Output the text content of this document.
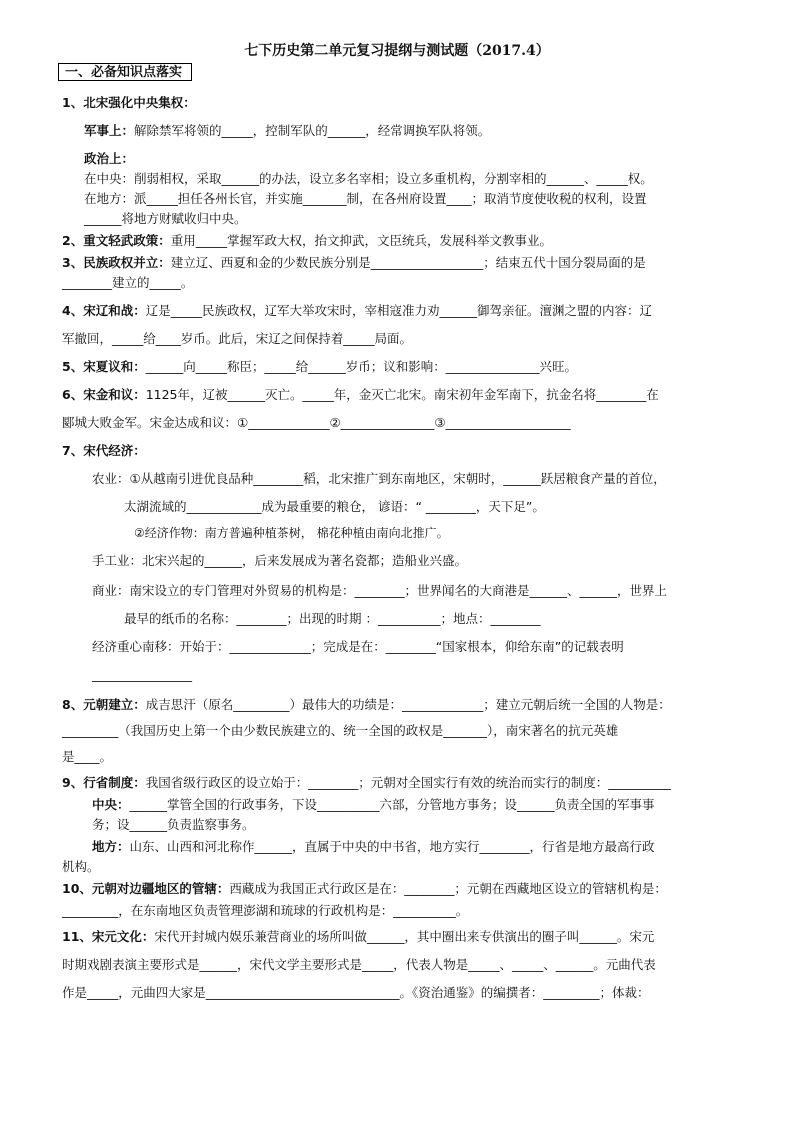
七下历史第二单元复习提纲与测试题（2017.4）
一、必备知识点落实
1、北宋强化中央集权：
军事上：解除禁军将领的_____，控制军队的______，经常调换军队将领。
政治上：
在中央：削弱相权，采取______的办法，设立多名宰相；设立多重机构，分割宰相的______、_____权。
在地方：派_____担任各州长官，并实施_______制，在各州府设置____；取消节度使收税的权利，设置
______将地方财赋收归中央。
2、重文轻武政策：重用_____掌握军政大权，抬文抑武，文臣统兵，发展科举文教事业。
3、民族政权并立：建立辽、西夏和金的少数民族分别是__________________；结束五代十国分裂局面的是
________建立的_____。
4、宋辽和战：辽是_____民族政权，辽军大举攻宋时，宰相寇准力劝______御驾亲征。澶渊之盟的内容：辽
军撤回，_____给____岁币。此后，宋辽之间保持着_____局面。
5、宋夏议和：______向_____称臣；_____给______岁币；议和影响：_______________兴旺。
6、宋金和议：1125年，辽被______灭亡。_____年，金灭亡北宋。南宋初年金军南下，抗金名将________在
郾城大败金军。宋金达成和议：①_____________②_______________③____________________
7、宋代经济：
农业：①从越南引进优良品种________稻，北宋推广到东南地区，宋朝时，______跃居粮食产量的首位，
太湖流域的____________成为最重要的粮仓， 谚语：“ ________，天下足”。
②经济作物：南方普遍种植茶树， 棉花种植由南向北推广。
手工业：北宋兴起的______，后来发展成为著名瓷都；造船业兴盛。
商业：南宋设立的专门管理对外贸易的机构是：________；世界闻名的大商港是______、______，世界上
最早的纸币的名称：________；出现的时期 ：__________；地点：________
经济重心南移：开始于：_____________；完成是在：________“国家根本，仰给东南”的记载表明
________________
8、元朝建立：成吉思汗（原名_________）最伟大的功绩是：_____________；建立元朝后统一全国的人物是：
_________（我国历史上第一个由少数民族建立的、统一全国的政权是_______），南宋著名的抗元英雄
是____。
9、行省制度：我国省级行政区的设立始于：________；元朝对全国实行有效的统治而实行的制度：__________
中央：______掌管全国的行政事务，下设__________六部，分管地方事务；设______负责全国的军事事
务；设______负责监察事务。
地方：山东、山西和河北称作______，直属于中央的中书省，地方实行________，行省是地方最高行政
机构。
10、元朝对边疆地区的管辖：西藏成为我国正式行政区是在：________；元朝在西藏地区设立的管辖机构是：
_________，在东南地区负责管理澎湖和琉球的行政机构是：__________。
11、宋元文化：宋代开封城内娱乐兼营商业的场所叫做______，其中圈出来专供演出的圈子叫______。宋元
时期戏剧表演主要形式是______，宋代文学主要形式是_____，代表人物是_____、_____、______。元曲代表
作是_____，元曲四大家是_______________________________。《资治通鉴》的编撰者：_________；体裁：
